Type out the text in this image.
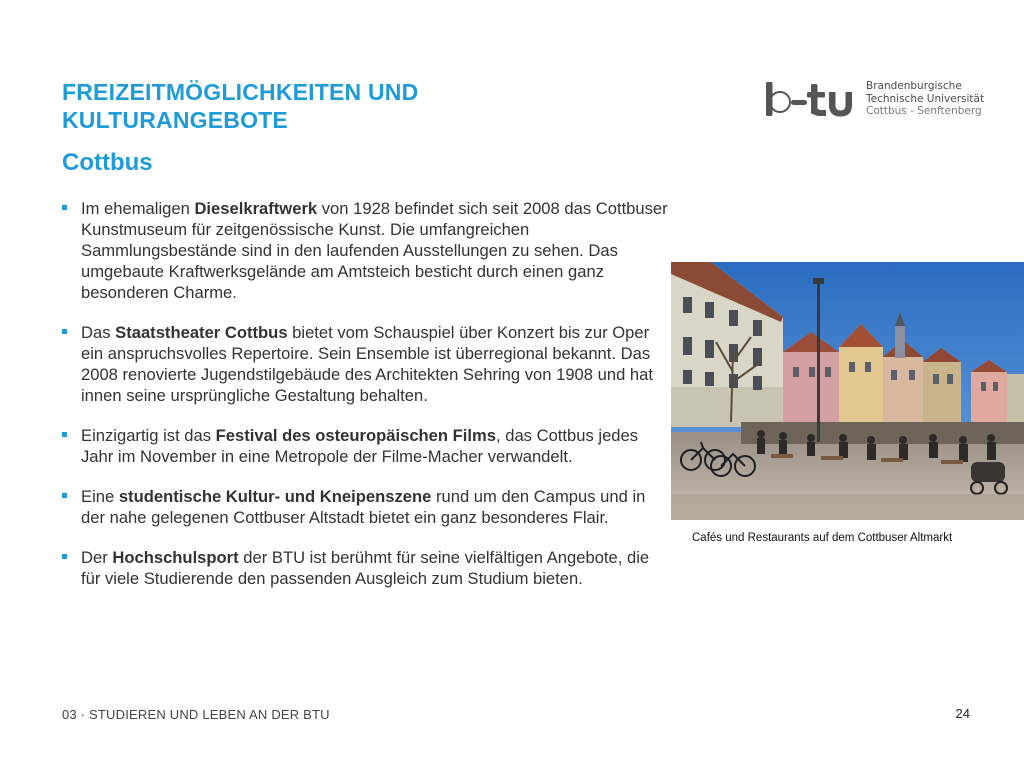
FREIZEITMÖGLICHKEITEN UND
KULTURANGEBOTE
Cottbus
Brandenburgische
Technische Universität
Cottbus - Senftenberg
Im ehemaligen Dieselkraftwerk von 1928 befindet sich seit 2008 das Cottbuser Kunstmuseum für zeitgenössische Kunst. Die umfangreichen Sammlungsbestände sind in den laufenden Ausstellungen zu sehen. Das umgebaute Kraftwerksgelände am Amtsteich besticht durch einen ganz besonderen Charme.
Das Staatstheater Cottbus bietet vom Schauspiel über Konzert bis zur Oper ein anspruchsvolles Repertoire. Sein Ensemble ist überregional bekannt. Das 2008 renovierte Jugendstilgebäude des Architekten Sehring von 1908 und hat innen seine ursprüngliche Gestaltung behalten.
Einzigartig ist das Festival des osteuropäischen Films, das Cottbus jedes Jahr im November in eine Metropole der Filme-Macher verwandelt.
Eine studentische Kultur- und Kneipenszene rund um den Campus und in der nahe gelegenen Cottbuser Altstadt bietet ein ganz besonderes Flair.
Der Hochschulsport der BTU ist berühmt für seine vielfältigen Angebote, die für viele Studierende den passenden Ausgleich zum Studium bieten.
Cafés und Restaurants auf dem Cottbuser Altmarkt
03 · STUDIEREN UND LEBEN AN DER BTU	24
